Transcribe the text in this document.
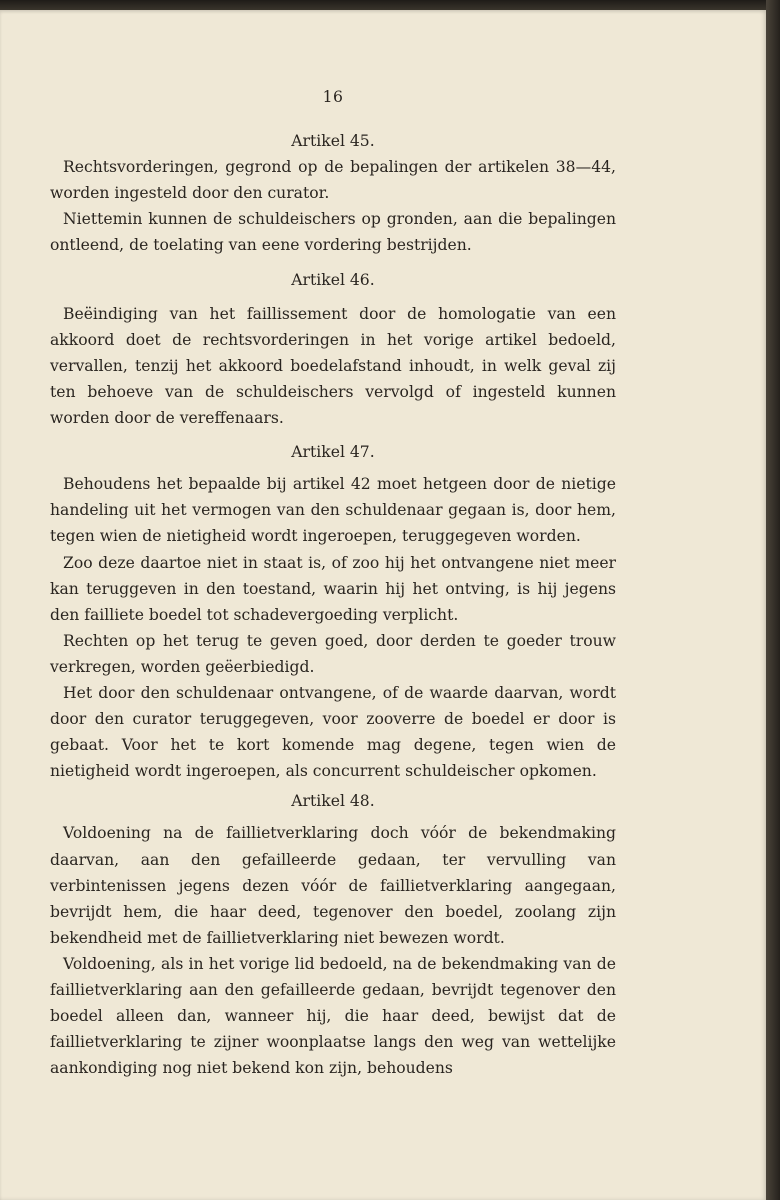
16

Artikel 45.

Rechtsvorderingen, gegrond op de bepalingen der artikelen 38—44, worden ingesteld door den curator.

Niettemin kunnen de schuldeischers op gronden, aan die bepalingen ontleend, de toelating van eene vordering bestrijden.

Artikel 46.

Beëindiging van het faillissement door de homologatie van een akkoord doet de rechtsvorderingen in het vorige artikel bedoeld, vervallen, tenzij het akkoord boedelafstand inhoudt, in welk geval zij ten behoeve van de schuldeischers vervolgd of ingesteld kunnen worden door de vereffenaars.

Artikel 47.

Behoudens het bepaalde bij artikel 42 moet hetgeen door de nietige handeling uit het vermogen van den schuldenaar gegaan is, door hem, tegen wien de nietigheid wordt ingeroepen, teruggegeven worden.

Zoo deze daartoe niet in staat is, of zoo hij het ontvangene niet meer kan teruggeven in den toestand, waarin hij het ontving, is hij jegens den failliete boedel tot schadevergoeding verplicht.

Rechten op het terug te geven goed, door derden te goeder trouw verkregen, worden geëerbiedigd.

Het door den schuldenaar ontvangene, of de waarde daarvan, wordt door den curator teruggegeven, voor zooverre de boedel er door is gebaat. Voor het te kort komende mag degene, tegen wien de nietigheid wordt ingeroepen, als concurrent schuldeischer opkomen.

Artikel 48.

Voldoening na de faillietverklaring doch vóór de bekendmaking daarvan, aan den gefailleerde gedaan, ter vervulling van verbintenissen jegens dezen vóór de faillietverklaring aangegaan, bevrijdt hem, die haar deed, tegenover den boedel, zoolang zijn bekendheid met de faillietverklaring niet bewezen wordt.

Voldoening, als in het vorige lid bedoeld, na de bekendmaking van de faillietverklaring aan den gefailleerde gedaan, bevrijdt tegenover den boedel alleen dan, wanneer hij, die haar deed, bewijst dat de faillietverklaring te zijner woonplaatse langs den weg van wettelijke aankondiging nog niet bekend kon zijn, behoudens
